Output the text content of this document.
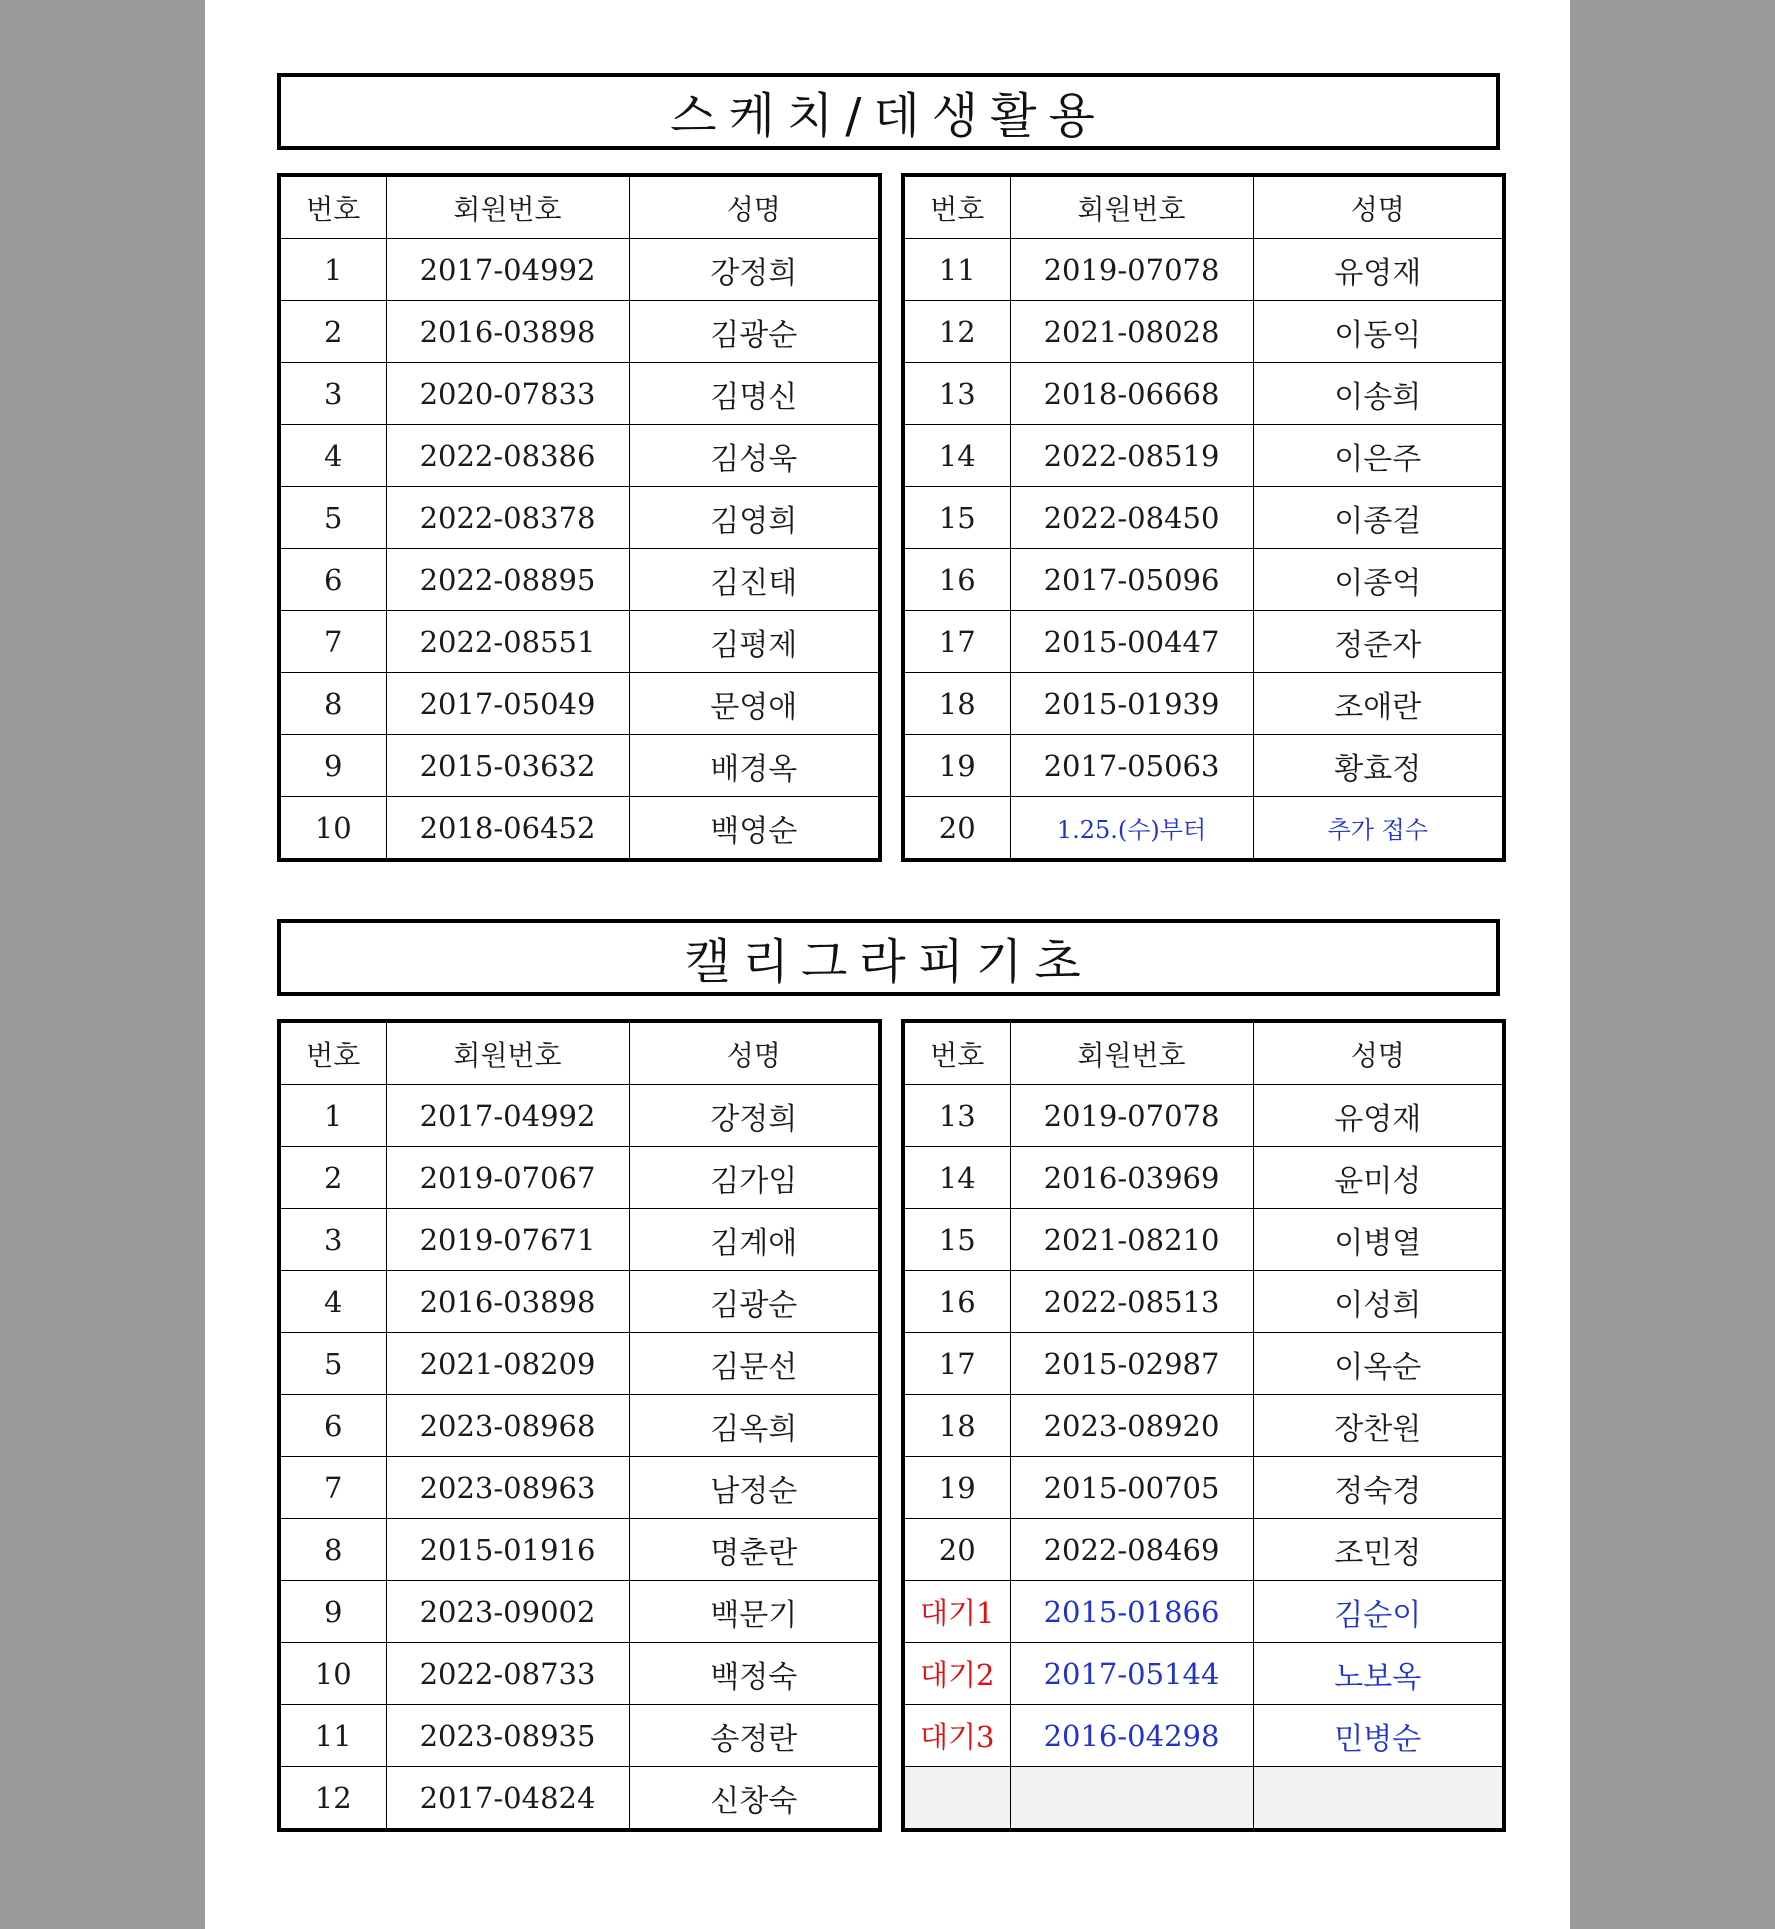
스케치/데생활용
번호	회원번호	성명
1	2017-04992	강정희
2	2016-03898	김광순
3	2020-07833	김명신
4	2022-08386	김성욱
5	2022-08378	김영희
6	2022-08895	김진태
7	2022-08551	김평제
8	2017-05049	문영애
9	2015-03632	배경옥
10	2018-06452	백영순
번호	회원번호	성명
11	2019-07078	유영재
12	2021-08028	이동익
13	2018-06668	이송희
14	2022-08519	이은주
15	2022-08450	이종걸
16	2017-05096	이종억
17	2015-00447	정준자
18	2015-01939	조애란
19	2017-05063	황효정
20	1.25.(수)부터	추가 접수
캘리그라피기초
번호	회원번호	성명
1	2017-04992	강정희
2	2019-07067	김가임
3	2019-07671	김계애
4	2016-03898	김광순
5	2021-08209	김문선
6	2023-08968	김옥희
7	2023-08963	남정순
8	2015-01916	명춘란
9	2023-09002	백문기
10	2022-08733	백정숙
11	2023-08935	송정란
12	2017-04824	신창숙
번호	회원번호	성명
13	2019-07078	유영재
14	2016-03969	윤미성
15	2021-08210	이병열
16	2022-08513	이성희
17	2015-02987	이옥순
18	2023-08920	장찬원
19	2015-00705	정숙경
20	2022-08469	조민정
대기1	2015-01866	김순이
대기2	2017-05144	노보옥
대기3	2016-04298	민병순
